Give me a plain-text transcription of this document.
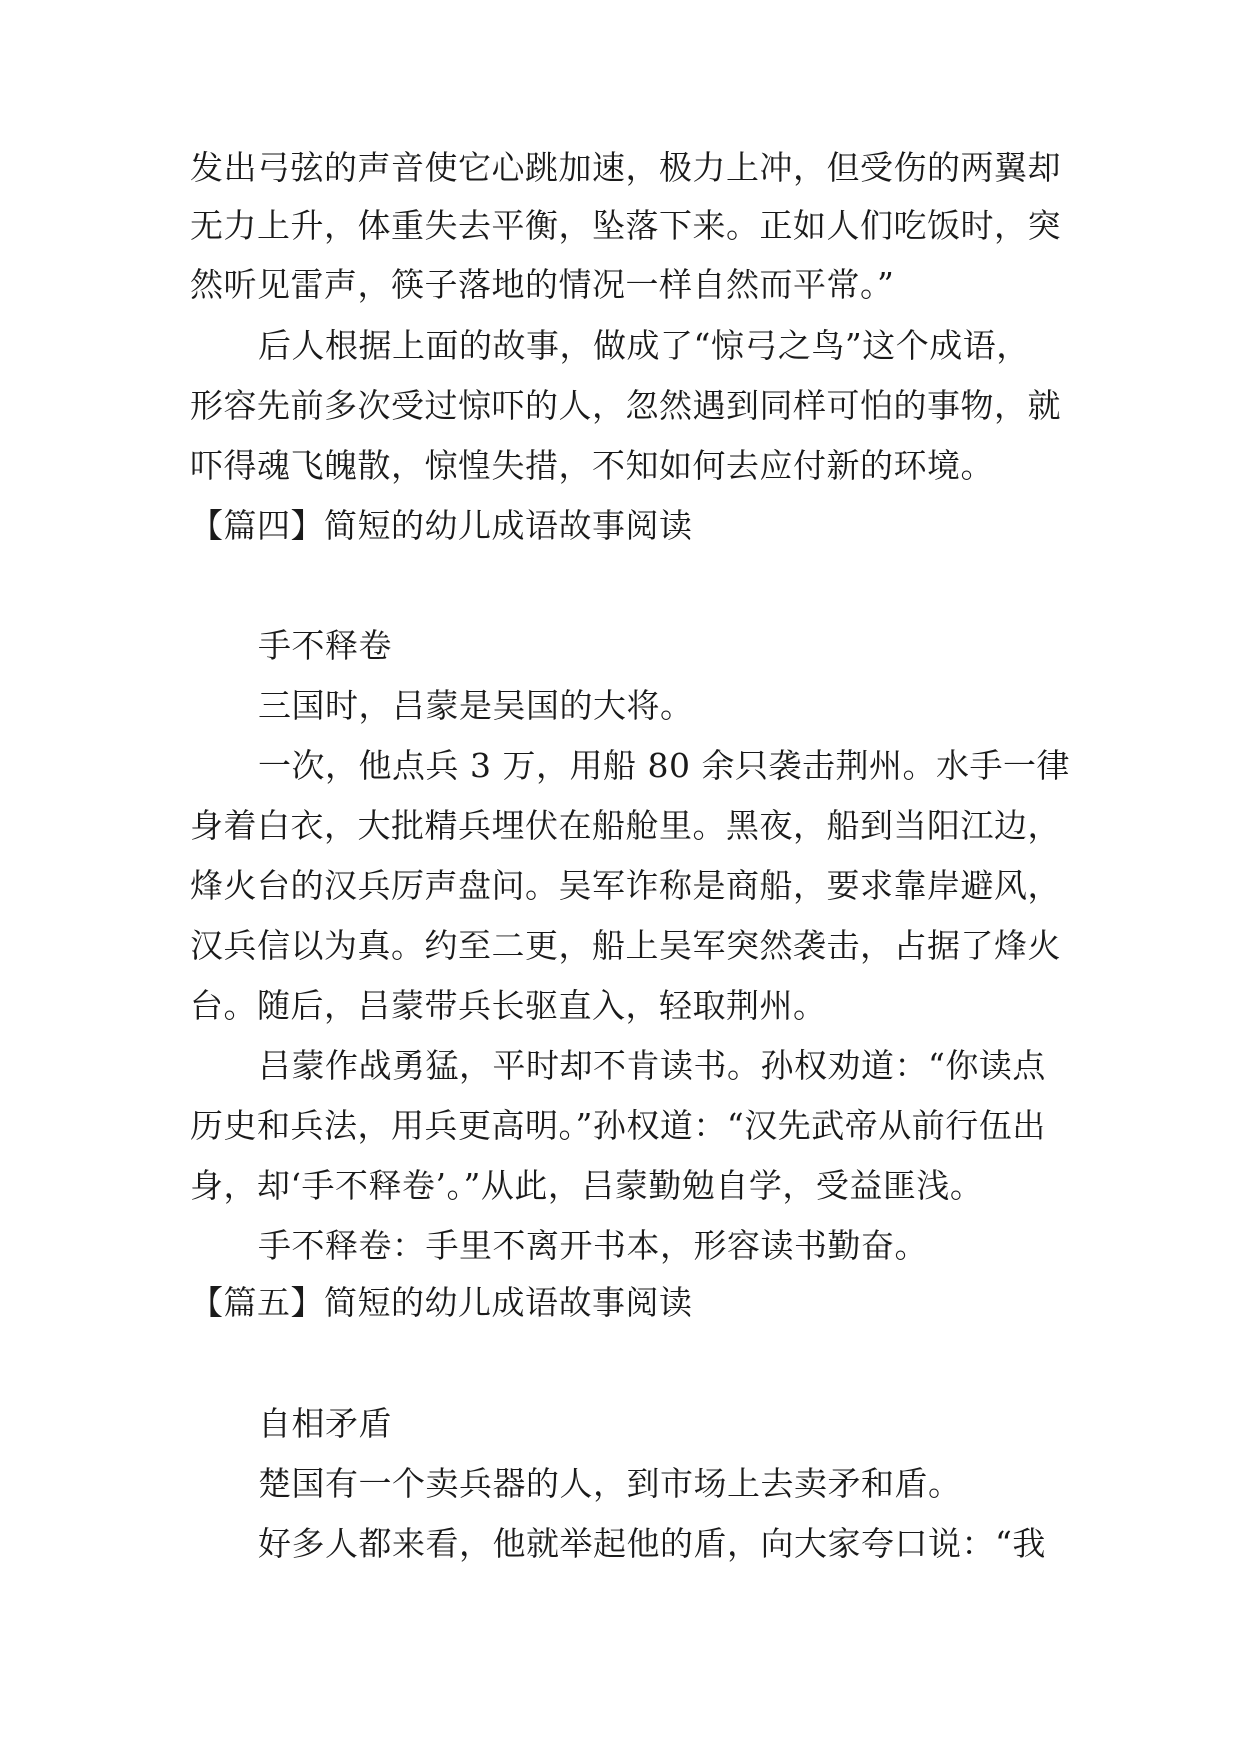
发出弓弦的声音使它心跳加速，极力上冲，但受伤的两翼却
无力上升，体重失去平衡，坠落下来。正如人们吃饭时，突
然听见雷声，筷子落地的情况一样自然而平常。”
后人根据上面的故事，做成了“惊弓之鸟”这个成语，
形容先前多次受过惊吓的人，忽然遇到同样可怕的事物，就
吓得魂飞魄散，惊惶失措，不知如何去应付新的环境。
【篇四】简短的幼儿成语故事阅读
手不释卷
三国时，吕蒙是吴国的大将。
一次，他点兵 3 万，用船 80 余只袭击荆州。水手一律
身着白衣，大批精兵埋伏在船舱里。黑夜，船到当阳江边，
烽火台的汉兵厉声盘问。吴军诈称是商船，要求靠岸避风，
汉兵信以为真。约至二更，船上吴军突然袭击，占据了烽火
台。随后，吕蒙带兵长驱直入，轻取荆州。
吕蒙作战勇猛，平时却不肯读书。孙权劝道：“你读点
历史和兵法，用兵更高明。”孙权道：“汉先武帝从前行伍出
身，却‘手不释卷’。”从此，吕蒙勤勉自学，受益匪浅。
手不释卷：手里不离开书本，形容读书勤奋。
【篇五】简短的幼儿成语故事阅读
自相矛盾
楚国有一个卖兵器的人，到市场上去卖矛和盾。
好多人都来看，他就举起他的盾，向大家夸口说：“我
